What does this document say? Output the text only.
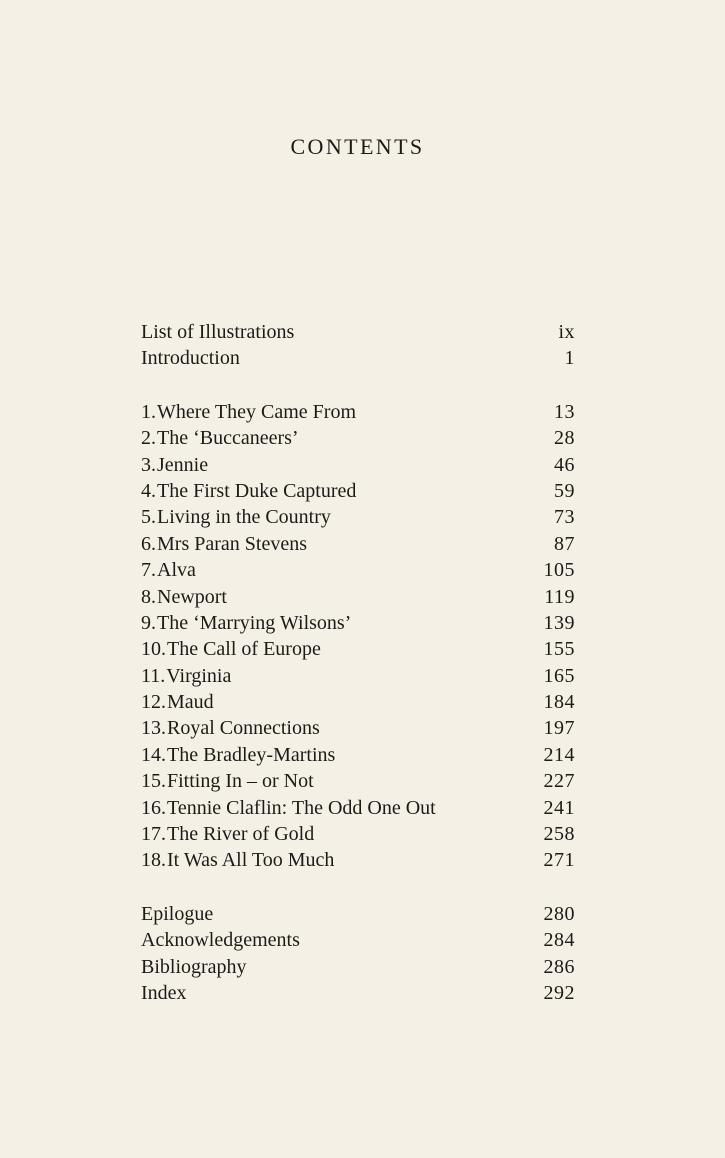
CONTENTS
List of Illustrations	ix
Introduction	1
1. Where They Came From	13
2. The ‘Buccaneers’	28
3. Jennie	46
4. The First Duke Captured	59
5. Living in the Country	73
6. Mrs Paran Stevens	87
7. Alva	105
8. Newport	119
9. The ‘Marrying Wilsons’	139
10. The Call of Europe	155
11. Virginia	165
12. Maud	184
13. Royal Connections	197
14. The Bradley-Martins	214
15. Fitting In – or Not	227
16. Tennie Claflin: The Odd One Out	241
17. The River of Gold	258
18. It Was All Too Much	271
Epilogue	280
Acknowledgements	284
Bibliography	286
Index	292
